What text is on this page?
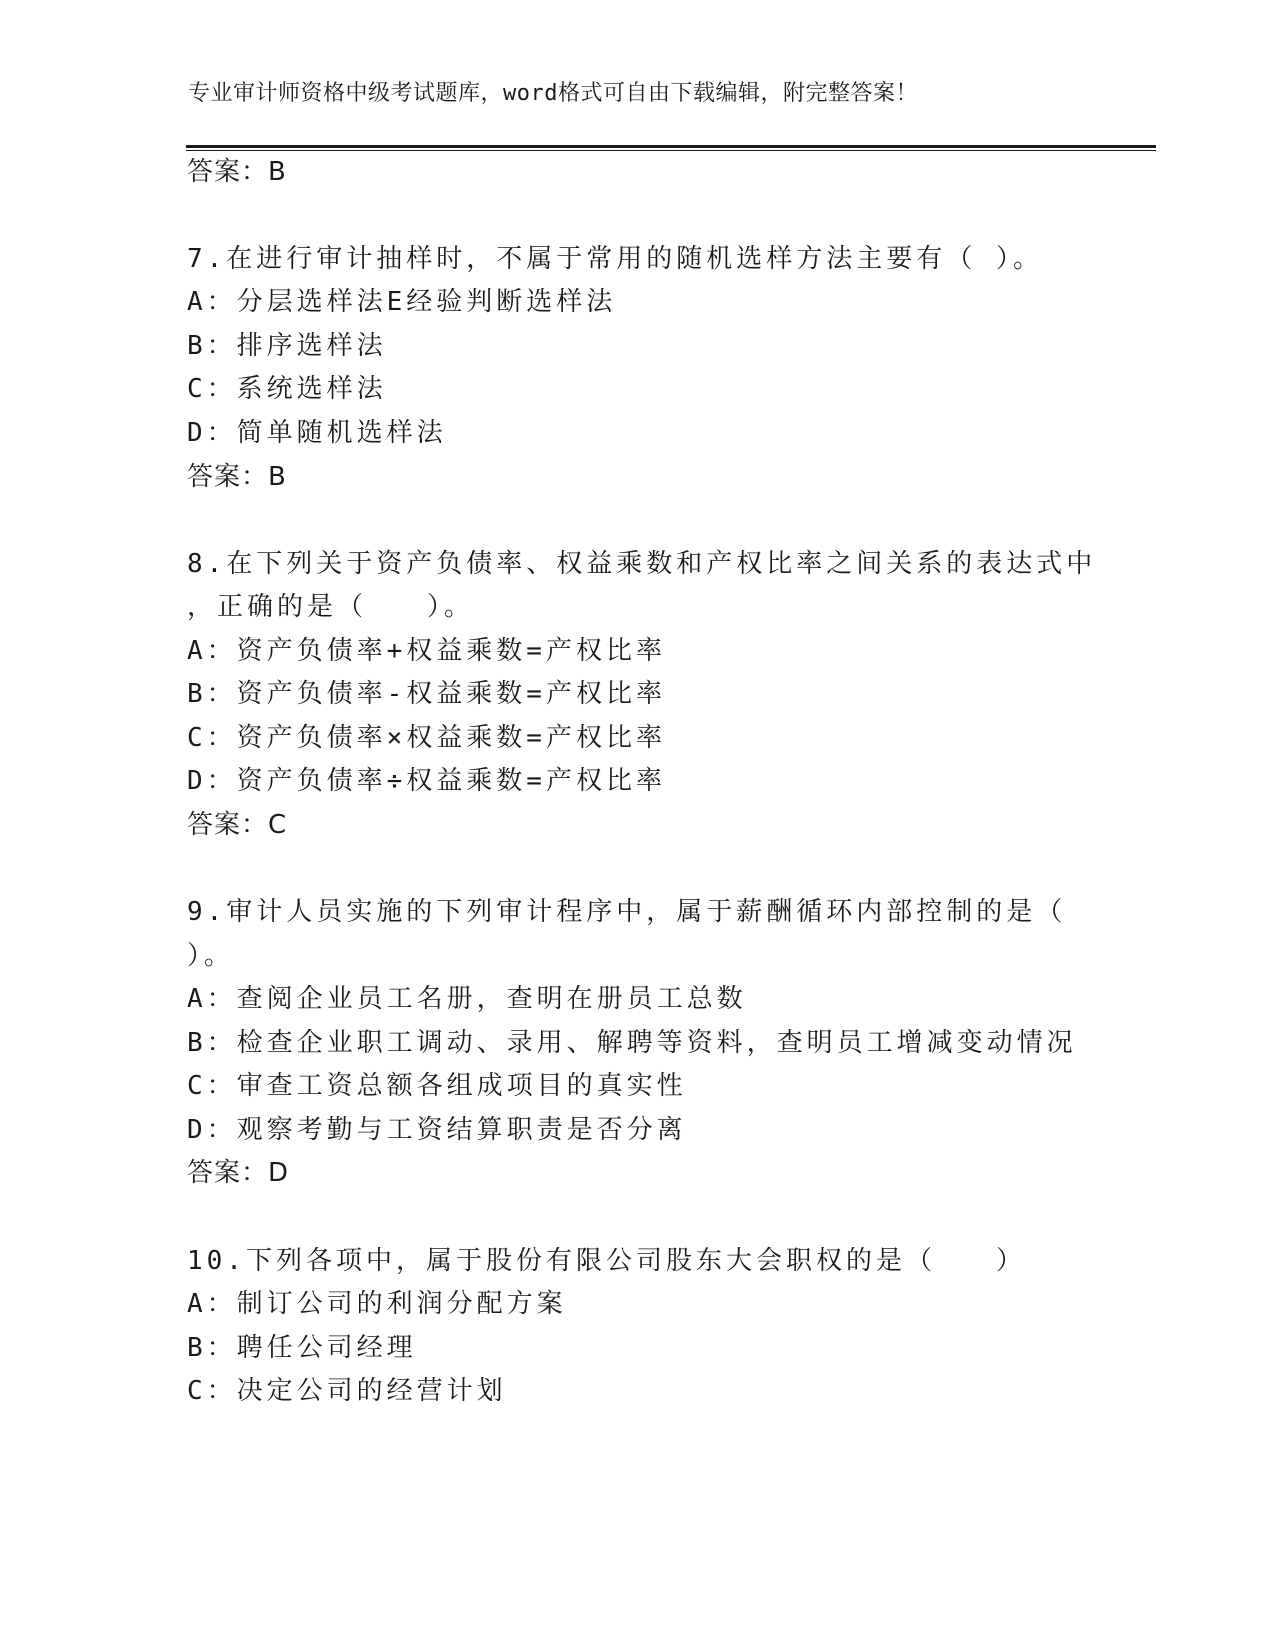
专业审计师资格中级考试题库，word格式可自由下载编辑，附完整答案！
答案：B
7.在进行审计抽样时，不属于常用的随机选样方法主要有（ ）。
A：分层选样法E经验判断选样法
B：排序选样法
C：系统选样法
D：简单随机选样法
答案：B
8.在下列关于资产负债率、权益乘数和产权比率之间关系的表达式中
，正确的是（　　）。
A：资产负债率+权益乘数=产权比率
B：资产负债率-权益乘数=产权比率
C：资产负债率×权益乘数=产权比率
D：资产负债率÷权益乘数=产权比率
答案：C
9.审计人员实施的下列审计程序中，属于薪酬循环内部控制的是（
）。
A：查阅企业员工名册，查明在册员工总数
B：检查企业职工调动、录用、解聘等资料，查明员工增减变动情况
C：审查工资总额各组成项目的真实性
D：观察考勤与工资结算职责是否分离
答案：D
10.下列各项中，属于股份有限公司股东大会职权的是（　　）
A：制订公司的利润分配方案
B：聘任公司经理
C：决定公司的经营计划
